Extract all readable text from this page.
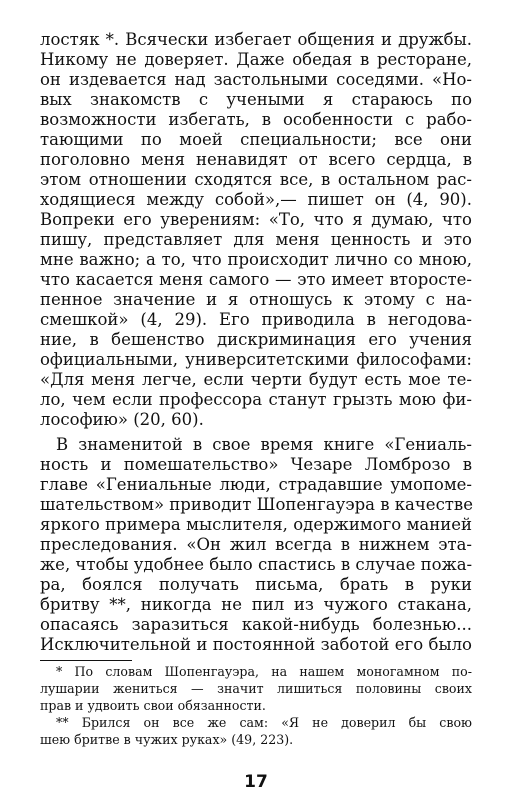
лостяк *. Всячески избегает общения и дружбы.
Никому не доверяет. Даже обедая в ресторане,
он издевается над застольными соседями. «Но-
вых знакомств с учеными я стараюсь по
возможности избегать, в особенности с рабо-
тающими по моей специальности; все они
поголовно меня ненавидят от всего сердца, в
этом отношении сходятся все, в остальном рас-
ходящиеся между собой»,— пишет он (4, 90).
Вопреки его уверениям: «То, что я думаю, что
пишу, представляет для меня ценность и это
мне важно; а то, что происходит лично со мною,
что касается меня самого — это имеет второсте-
пенное значение и я отношусь к этому с на-
смешкой» (4, 29). Его приводила в негодова-
ние, в бешенство дискриминация его учения
официальными, университетскими философами:
«Для меня легче, если черти будут есть мое те-
ло, чем если профессора станут грызть мою фи-
лософию» (20, 60).
В знаменитой в свое время книге «Гениаль-
ность и помешательство» Чезаре Ломброзо в
главе «Гениальные люди, страдавшие умопоме-
шательством» приводит Шопенгауэра в качестве
яркого примера мыслителя, одержимого манией
преследования. «Он жил всегда в нижнем эта-
же, чтобы удобнее было спастись в случае пожа-
ра, боялся получать письма, брать в руки
бритву **, никогда не пил из чужого стакана,
опасаясь заразиться какой-нибудь болезнью...
Исключительной и постоянной заботой его было
* По словам Шопенгауэра, на нашем моногамном по-
лушарии жениться — значит лишиться половины своих
прав и удвоить свои обязанности.
** Брился он все же сам: «Я не доверил бы свою
шею бритве в чужих руках» (49, 223).
17
